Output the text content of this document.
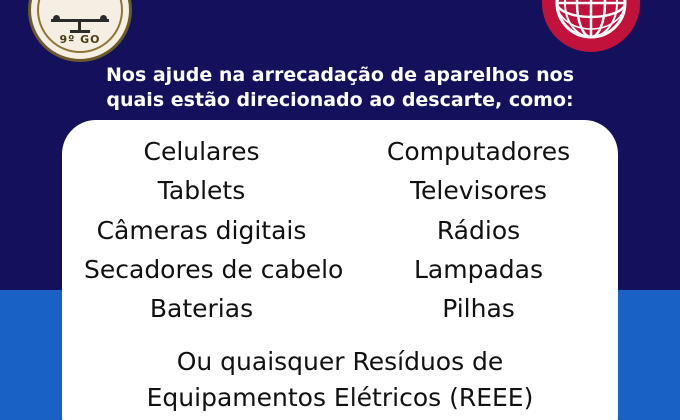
9º GO
Nos ajude na arrecadação de aparelhos nos
quais estão direcionado ao descarte, como:
Celulares
Tablets
Câmeras digitais
Secadores de cabelo
Baterias
Computadores
Televisores
Rádios
Lampadas
Pilhas
Ou quaisquer Resíduos de
Equipamentos Elétricos (REEE)
